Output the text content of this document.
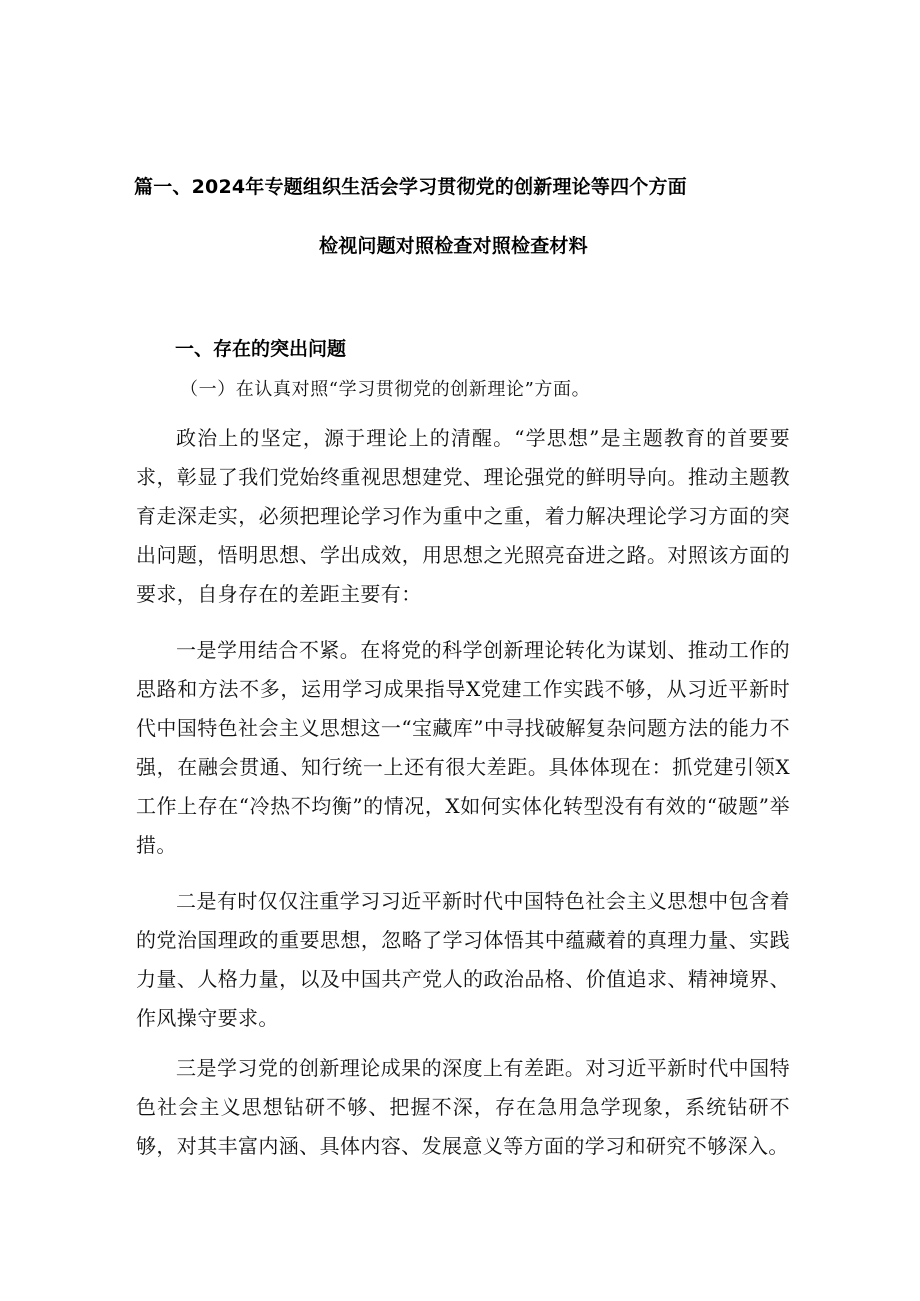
篇一、2024年专题组织生活会学习贯彻党的创新理论等四个方面
检视问题对照检查对照检查材料
一、存在的突出问题
（一）在认真对照“学习贯彻党的创新理论”方面。

政治上的坚定，源于理论上的清醒。“学思想”是主题教育的首要要求，彰显了我们党始终重视思想建党、理论强党的鲜明导向。推动主题教育走深走实，必须把理论学习作为重中之重，着力解决理论学习方面的突出问题，悟明思想、学出成效，用思想之光照亮奋进之路。对照该方面的要求，自身存在的差距主要有：

一是学用结合不紧。在将党的科学创新理论转化为谋划、推动工作的思路和方法不多，运用学习成果指导X党建工作实践不够，从习近平新时代中国特色社会主义思想这一“宝藏库”中寻找破解复杂问题方法的能力不强，在融会贯通、知行统一上还有很大差距。具体体现在：抓党建引领X工作上存在“冷热不均衡”的情况，X如何实体化转型没有有效的“破题”举措。

二是有时仅仅注重学习习近平新时代中国特色社会主义思想中包含着的党治国理政的重要思想，忽略了学习体悟其中蕴藏着的真理力量、实践力量、人格力量，以及中国共产党人的政治品格、价值追求、精神境界、作风操守要求。

三是学习党的创新理论成果的深度上有差距。对习近平新时代中国特色社会主义思想钻研不够、把握不深，存在急用急学现象，系统钻研不够，对其丰富内涵、具体内容、发展意义等方面的学习和研究不够深入。
